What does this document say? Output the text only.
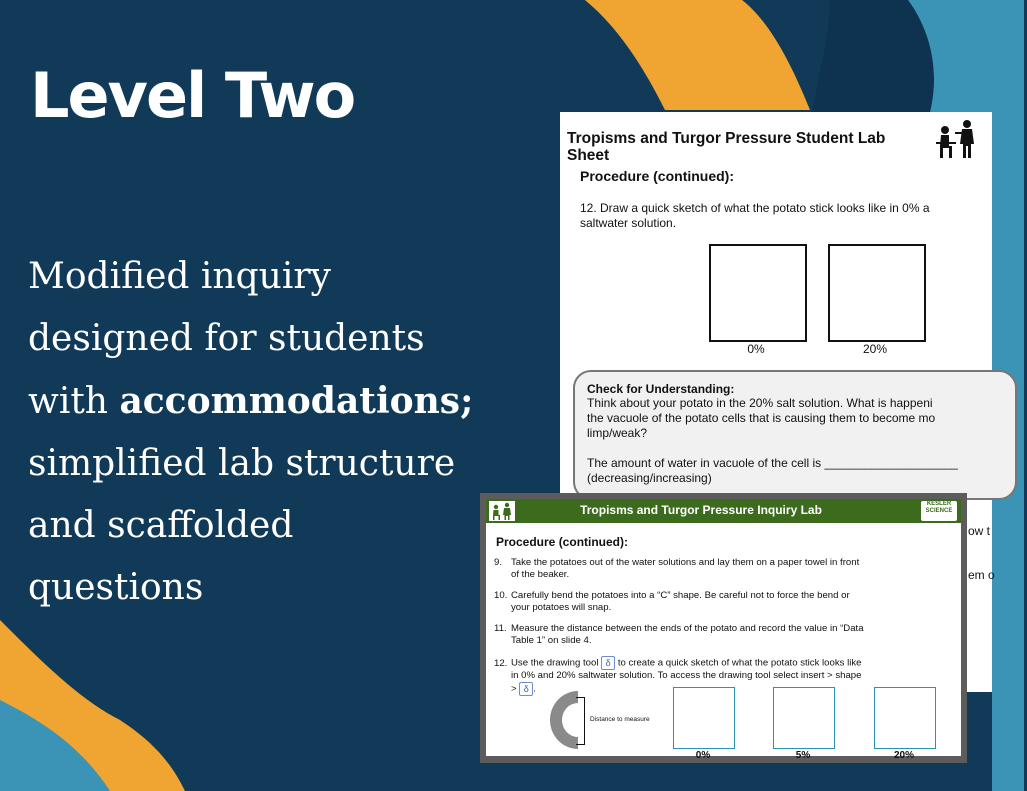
Level Two
Modified inquiry
designed for students
with accommodations;
simplified lab structure
and scaffolded
questions
Tropisms and Turgor Pressure Student Lab Sheet
Procedure (continued):
12. Draw a quick sketch of what the potato stick looks like in 0% a
saltwater solution.
0%	20%
Check for Understanding:
Think about your potato in the 20% salt solution. What is happeni
the vacuole of the potato cells that is causing them to become mo
limp/weak?
The amount of water in vacuole of the cell is ____________________
(decreasing/increasing)
ow t
em o
Tropisms and Turgor Pressure Inquiry Lab	KESLER
SCIENCE
Procedure (continued):
9. Take the potatoes out of the water solutions and lay them on a paper towel in front
of the beaker.
10. Carefully bend the potatoes into a “C” shape. Be careful not to force the bend or
your potatoes will snap.
11. Measure the distance between the ends of the potato and record the value in “Data
Table 1” on slide 4.
12. Use the drawing tool δ to create a quick sketch of what the potato stick looks like
in 0% and 20% saltwater solution. To access the drawing tool select insert > shape
> δ .
Distance to measure
0%	5%	20%
